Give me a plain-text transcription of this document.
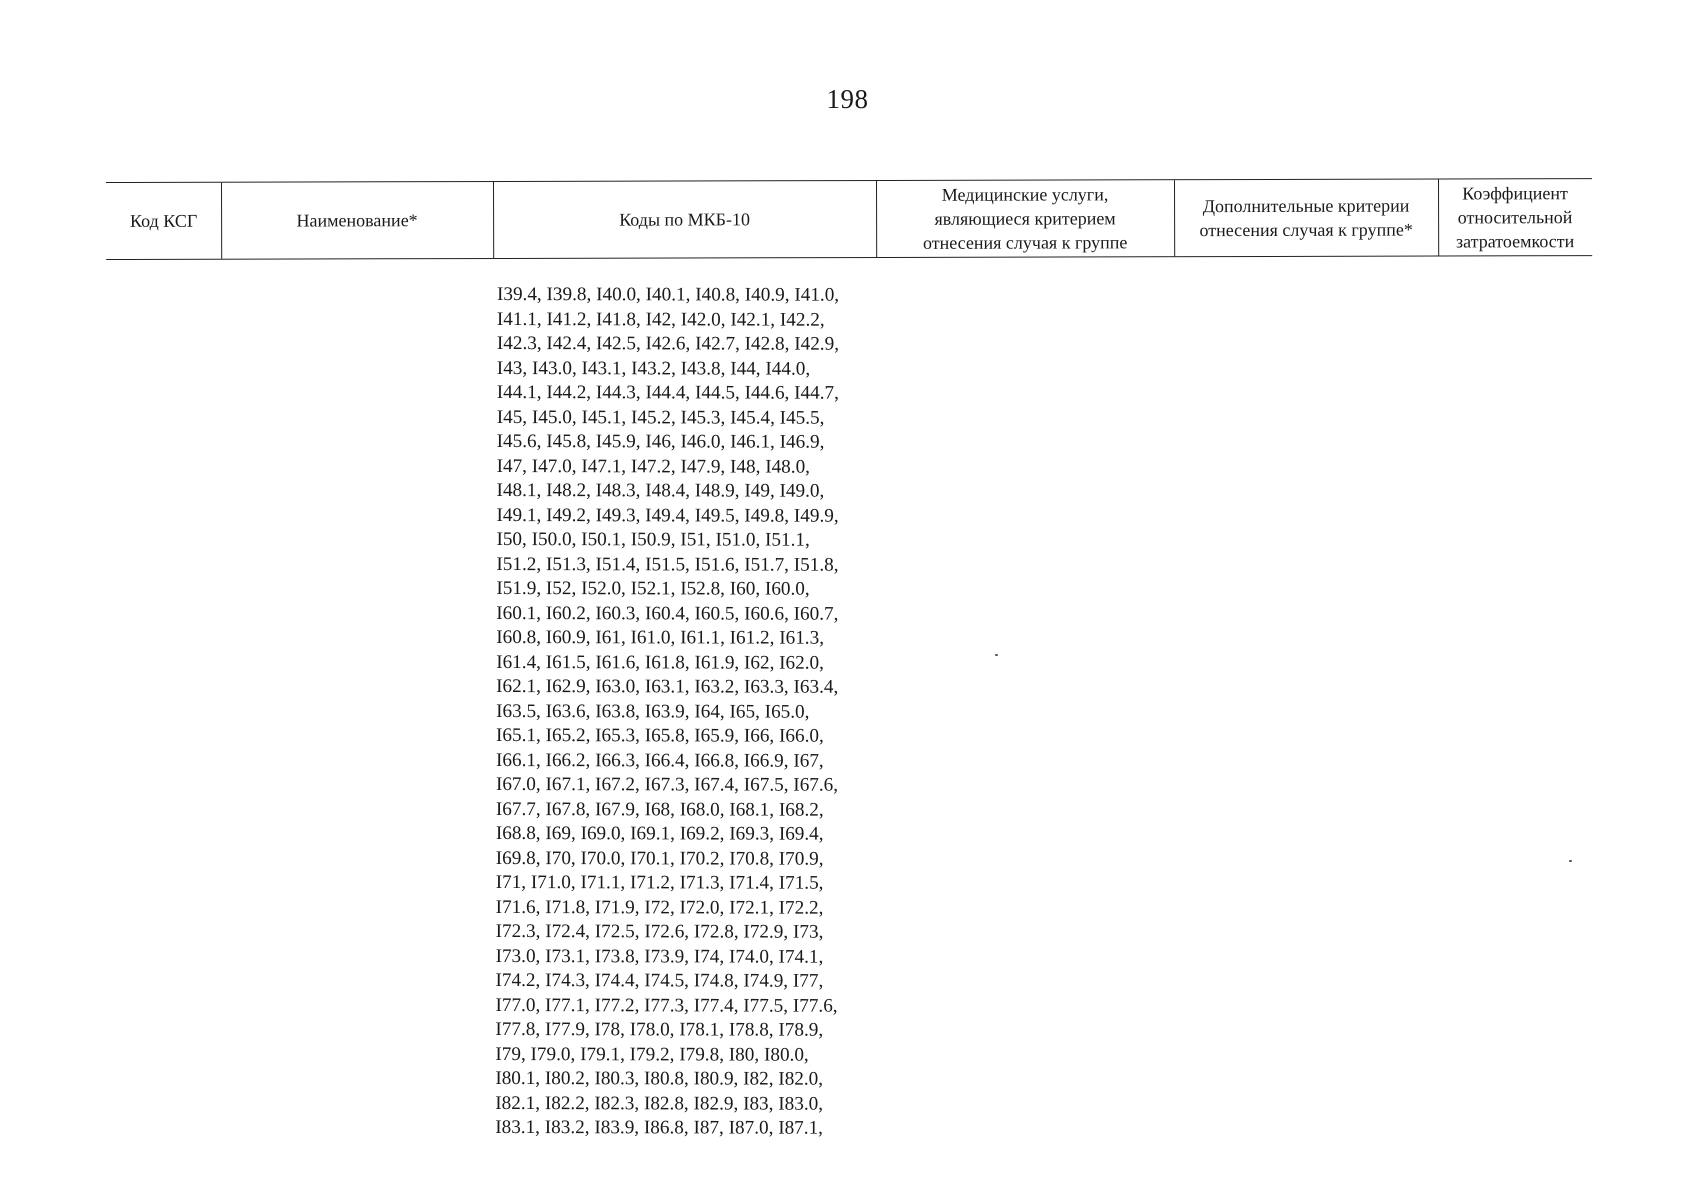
198
Код КСГ	Наименование*	Коды по МКБ-10
Медицинские услуги, являющиеся критерием отнесения случая к группе
Дополнительные критерии отнесения случая к группе*
Коэффициент относительной затратоемкости
I39.4, I39.8, I40.0, I40.1, I40.8, I40.9, I41.0,
I41.1, I41.2, I41.8, I42, I42.0, I42.1, I42.2,
I42.3, I42.4, I42.5, I42.6, I42.7, I42.8, I42.9,
I43, I43.0, I43.1, I43.2, I43.8, I44, I44.0,
I44.1, I44.2, I44.3, I44.4, I44.5, I44.6, I44.7,
I45, I45.0, I45.1, I45.2, I45.3, I45.4, I45.5,
I45.6, I45.8, I45.9, I46, I46.0, I46.1, I46.9,
I47, I47.0, I47.1, I47.2, I47.9, I48, I48.0,
I48.1, I48.2, I48.3, I48.4, I48.9, I49, I49.0,
I49.1, I49.2, I49.3, I49.4, I49.5, I49.8, I49.9,
I50, I50.0, I50.1, I50.9, I51, I51.0, I51.1,
I51.2, I51.3, I51.4, I51.5, I51.6, I51.7, I51.8,
I51.9, I52, I52.0, I52.1, I52.8, I60, I60.0,
I60.1, I60.2, I60.3, I60.4, I60.5, I60.6, I60.7,
I60.8, I60.9, I61, I61.0, I61.1, I61.2, I61.3,
I61.4, I61.5, I61.6, I61.8, I61.9, I62, I62.0,
I62.1, I62.9, I63.0, I63.1, I63.2, I63.3, I63.4,
I63.5, I63.6, I63.8, I63.9, I64, I65, I65.0,
I65.1, I65.2, I65.3, I65.8, I65.9, I66, I66.0,
I66.1, I66.2, I66.3, I66.4, I66.8, I66.9, I67,
I67.0, I67.1, I67.2, I67.3, I67.4, I67.5, I67.6,
I67.7, I67.8, I67.9, I68, I68.0, I68.1, I68.2,
I68.8, I69, I69.0, I69.1, I69.2, I69.3, I69.4,
I69.8, I70, I70.0, I70.1, I70.2, I70.8, I70.9,
I71, I71.0, I71.1, I71.2, I71.3, I71.4, I71.5,
I71.6, I71.8, I71.9, I72, I72.0, I72.1, I72.2,
I72.3, I72.4, I72.5, I72.6, I72.8, I72.9, I73,
I73.0, I73.1, I73.8, I73.9, I74, I74.0, I74.1,
I74.2, I74.3, I74.4, I74.5, I74.8, I74.9, I77,
I77.0, I77.1, I77.2, I77.3, I77.4, I77.5, I77.6,
I77.8, I77.9, I78, I78.0, I78.1, I78.8, I78.9,
I79, I79.0, I79.1, I79.2, I79.8, I80, I80.0,
I80.1, I80.2, I80.3, I80.8, I80.9, I82, I82.0,
I82.1, I82.2, I82.3, I82.8, I82.9, I83, I83.0,
I83.1, I83.2, I83.9, I86.8, I87, I87.0, I87.1,
